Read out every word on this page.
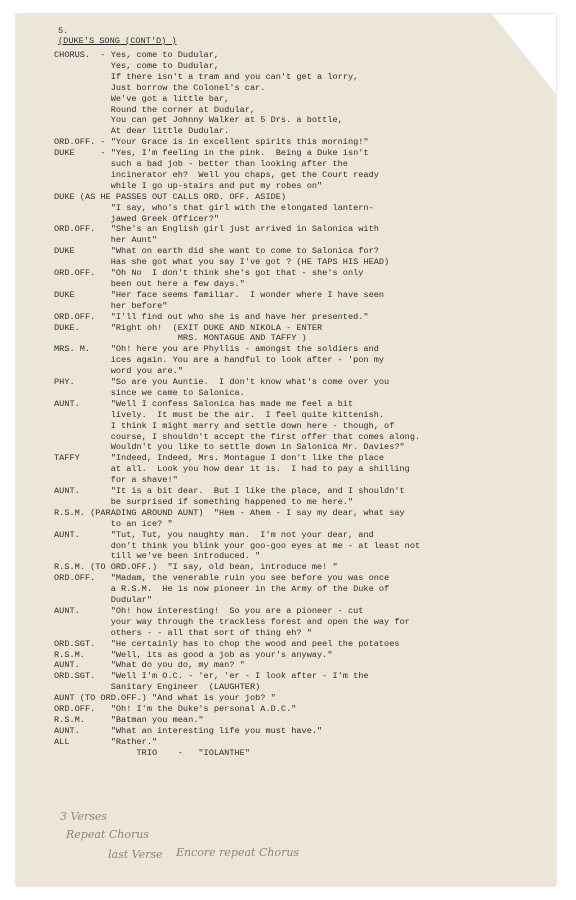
5.
(DUKE'S SONG (CONT'D) )
3 Verses
Repeat Chorus
last Verse Encore repeat Chorus
CHORUS.  - Yes, come to Dudular,
Yes, come to Dudular,
If there isn't a tram and you can't get a lorry,
Just borrow the Colonel's car.
We've got a little bar,
Round the corner at Dudular,
You can get Johnny Walker at 5 Drs. a bottle,
At dear little Dudular.
ORD.OFF. - "Your Grace is in excellent spirits this morning!"
DUKE     - "Yes, I'm feeling in the pink.  Being a Duke isn't
such a bad job - better than looking after the
incinerator eh?  Well you chaps, get the Court ready
while I go up-stairs and put my robes on"
DUKE (AS HE PASSES OUT CALLS ORD. OFF. ASIDE)
"I say, who's that girl with the elongated lantern-
jawed Greek Officer?"
ORD.OFF.   "She's an English girl just arrived in Salonica with
her Aunt"
DUKE       "What on earth did she want to come to Salonica for?
Has she got what you say I've got ? (HE TAPS HIS HEAD)
ORD.OFF.   "Oh No  I don't think she's got that - she's only
been out here a few days."
DUKE       "Her face seems familiar.  I wonder where I have seen
her before"
ORD.OFF.   "I'll find out who she is and have her presented."
DUKE.      "Right oh!  (EXIT DUKE AND NIKOLA - ENTER
MRS. MONTAGUE AND TAFFY )
MRS. M.    "Oh! here you are Phyllis - amongst the soldiers and
ices again. You are a handful to look after - 'pon my
word you are."
PHY.       "So are you Auntie.  I don't know what's come over you
since we came to Salonica.
AUNT.      "Well I confess Salonica has made me feel a bit
lively.  It must be the air.  I feel quite kittenish.
I think I might marry and settle down here - though, of
course, I shouldn't accept the first offer that comes along.
Wouldn't you like to settle down in Salonica Mr. Davies?"
TAFFY      "Indeed, Indeed, Mrs. Montague I don't like the place
at all.  Look you how dear it is.  I had to pay a shilling
for a shave!"
AUNT.      "It is a bit dear.  But I like the place, and I shouldn't
be surprised if something happened to me here."
R.S.M. (PARADING AROUND AUNT)  "Hem - Ahem - I say my dear, what say
to an ice? "
AUNT.      "Tut, Tut, you naughty man.  I'm not your dear, and
don't think you blink your goo-goo eyes at me - at least not
till we've been introduced. "
R.S.M. (TO ORD.OFF.)  "I say, old bean, introduce me! "
ORD.OFF.   "Madam, the venerable ruin you see before you was once
a R.S.M.  He is now pioneer in the Army of the Duke of
Dudular"
AUNT.      "Oh! how interesting!  So you are a pioneer - cut
your way through the trackless forest and open the way for
others - - all that sort of thing eh? "
ORD.SGT.   "He certainly has to chop the wood and peel the potatoes
R.S.M.     "Well, its as good a job as your's anyway."
AUNT.      "What do you do, my man? "
ORD.SGT.   "Well I'm O.C. - 'er, 'er - I look after - I'm the
Sanitary Engineer  (LAUGHTER)
AUNT (TO ORD.OFF.) "And what is your job? "
ORD.OFF.   "Oh! I'm the Duke's personal A.D.C."
R.S.M.     "Batman you mean."
AUNT.      "What an interesting life you must have."
ALL        "Rather."
TRIO    -   "IOLANTHE"
